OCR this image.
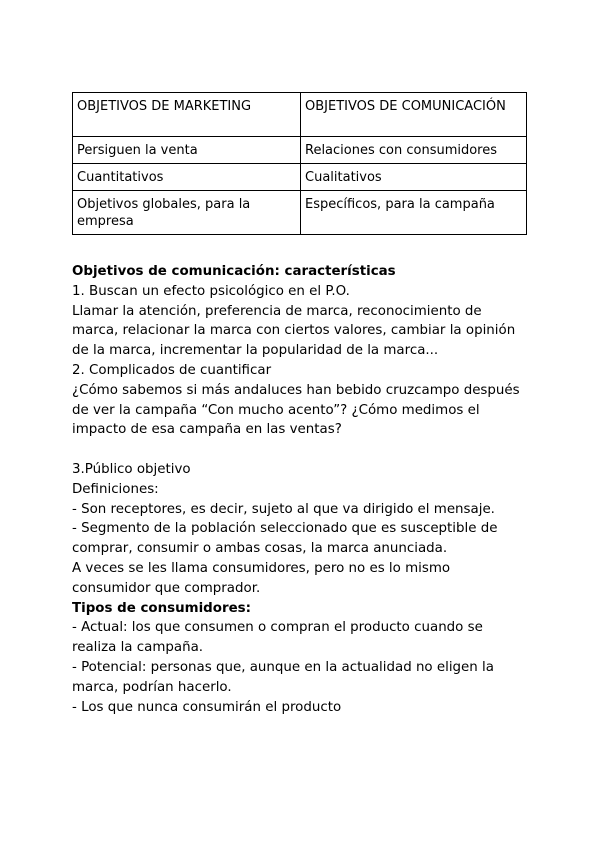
OBJETIVOS DE MARKETING	OBJETIVOS DE COMUNICACIÓN
Persiguen la venta	Relaciones con consumidores
Cuantitativos	Cualitativos
Objetivos globales, para la empresa	Específicos, para la campaña
Objetivos de comunicación: características
1. Buscan un efecto psicológico en el P.O.
Llamar la atención, preferencia de marca, reconocimiento de
marca, relacionar la marca con ciertos valores, cambiar la opinión
de la marca, incrementar la popularidad de la marca...
2. Complicados de cuantificar
¿Cómo sabemos si más andaluces han bebido cruzcampo después
de ver la campaña “Con mucho acento”? ¿Cómo medimos el
impacto de esa campaña en las ventas?
3.Público objetivo
Definiciones:
- Son receptores, es decir, sujeto al que va dirigido el mensaje.
- Segmento de la población seleccionado que es susceptible de
comprar, consumir o ambas cosas, la marca anunciada.
A veces se les llama consumidores, pero no es lo mismo
consumidor que comprador.
Tipos de consumidores:
- Actual: los que consumen o compran el producto cuando se
realiza la campaña.
- Potencial: personas que, aunque en la actualidad no eligen la
marca, podrían hacerlo.
- Los que nunca consumirán el producto
